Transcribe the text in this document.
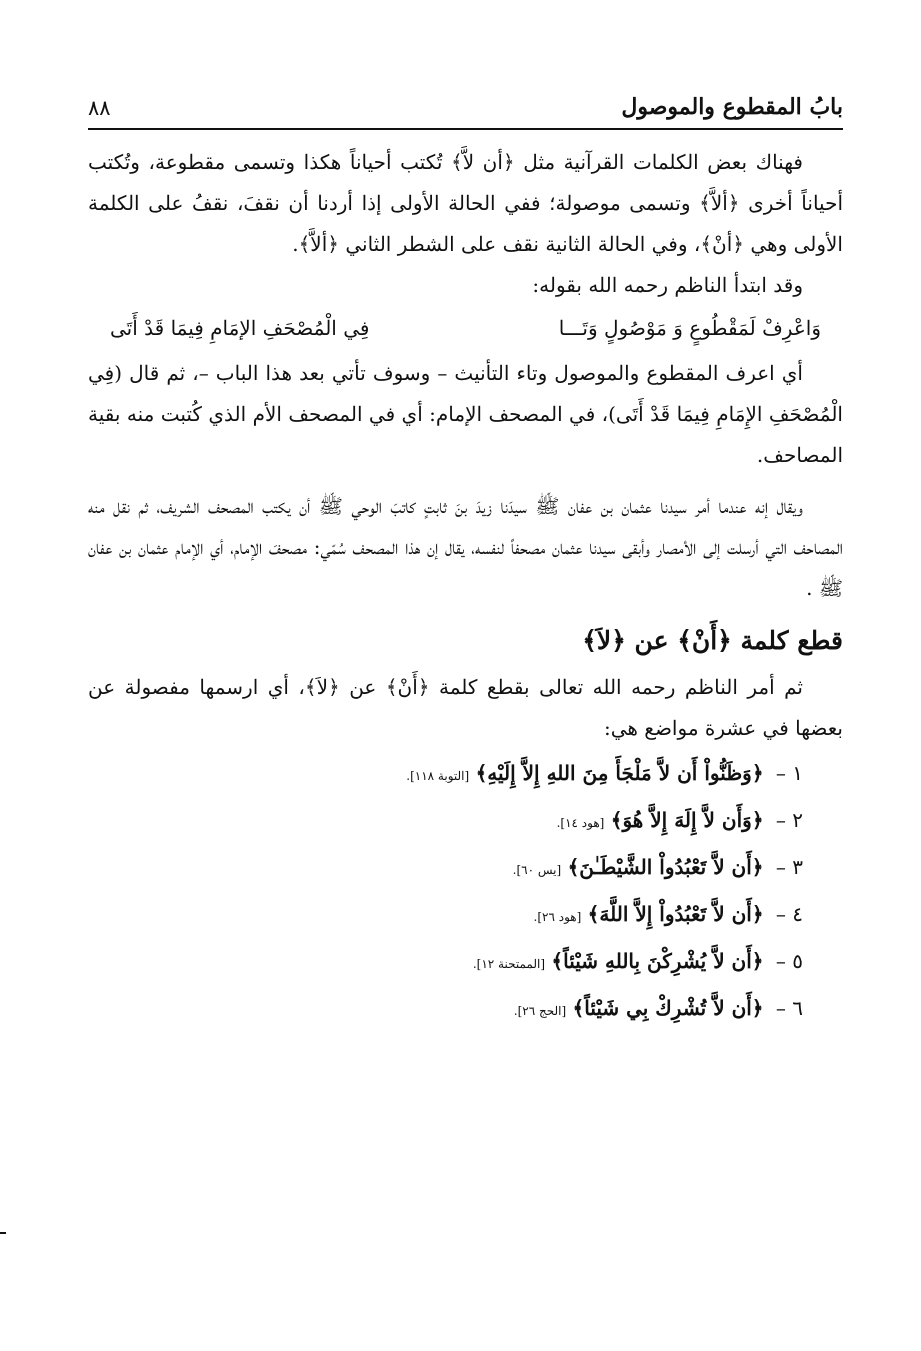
بابُ المقطوع والموصول
٨٨

فهناك بعض الكلمات القرآنية مثل ﴿أن لاَّ﴾ تُكتب أحياناً هكذا وتسمى مقطوعة، وتُكتب أحياناً أخرى ﴿ألاَّ﴾ وتسمى موصولة؛ ففي الحالة الأولى إذا أردنا أن نقفَ، نقفُ على الكلمة الأولى وهي ﴿أنْ﴾، وفي الحالة الثانية نقف على الشطر الثاني ﴿ألاَّ﴾.

وقد ابتدأ الناظم رحمه الله بقوله:

وَاعْرِفْ لَمَقْطُوعٍ وَ مَوْصُولٍ وَتَـــا
فِي الْمُصْحَفِ الإمَامِ فِيمَا قَدْ أَتَى

أي اعرف المقطوع والموصول وتاء التأنيث – وسوف تأتي بعد هذا الباب –، ثم قال (فِي الْمُصْحَفِ الإِمَامِ فِيمَا قَدْ أَتَى)، في المصحف الإمام: أي في المصحف الأم الذي كُتبت منه بقية المصاحف.

ويقال إنه عندما أمر سيدنا عثمان بن عفان ﷺ سيدَنا زيدَ بنَ ثابتٍ كاتبَ الوحي ﷺ أن يكتب المصحف الشريف، ثم نقل منه المصاحف التي أرسلت إلى الأمصار وأبقى سيدنا عثمان مصحفاً لنفسه، يقال إن هذا المصحف سُمّي: مصحفَ الإمام، أي الإمام عثمان بن عفان ﷺ .

قطع كلمة ﴿أَنْ﴾ عن ﴿لاَ﴾

ثم أمر الناظم رحمه الله تعالى بقطع كلمة ﴿أَنْ﴾ عن ﴿لاَ﴾، أي ارسمها مفصولة عن بعضها في عشرة مواضع هي:

١ – ﴿وَظَنُّواْ أَن لاَّ مَلْجَأَ مِنَ اللهِ إِلاَّ إِلَيْهِ﴾ [التوبة ١١٨].
٢ – ﴿وَأَن لاَّ إِلَهَ إِلاَّ هُوَ﴾ [هود ١٤].
٣ – ﴿أَن لاَّ تَعْبُدُواْ الشَّيْطَـٰنَ﴾ [يس ٦٠].
٤ – ﴿أَن لاَّ تَعْبُدُواْ إِلاَّ اللَّهَ﴾ [هود ٢٦].
٥ – ﴿أَن لاَّ يُشْرِكْنَ بِاللهِ شَيْئاً﴾ [الممتحنة ١٢].
٦ – ﴿أَن لاَّ تُشْرِكْ بِي شَيْئاً﴾ [الحج ٢٦].
